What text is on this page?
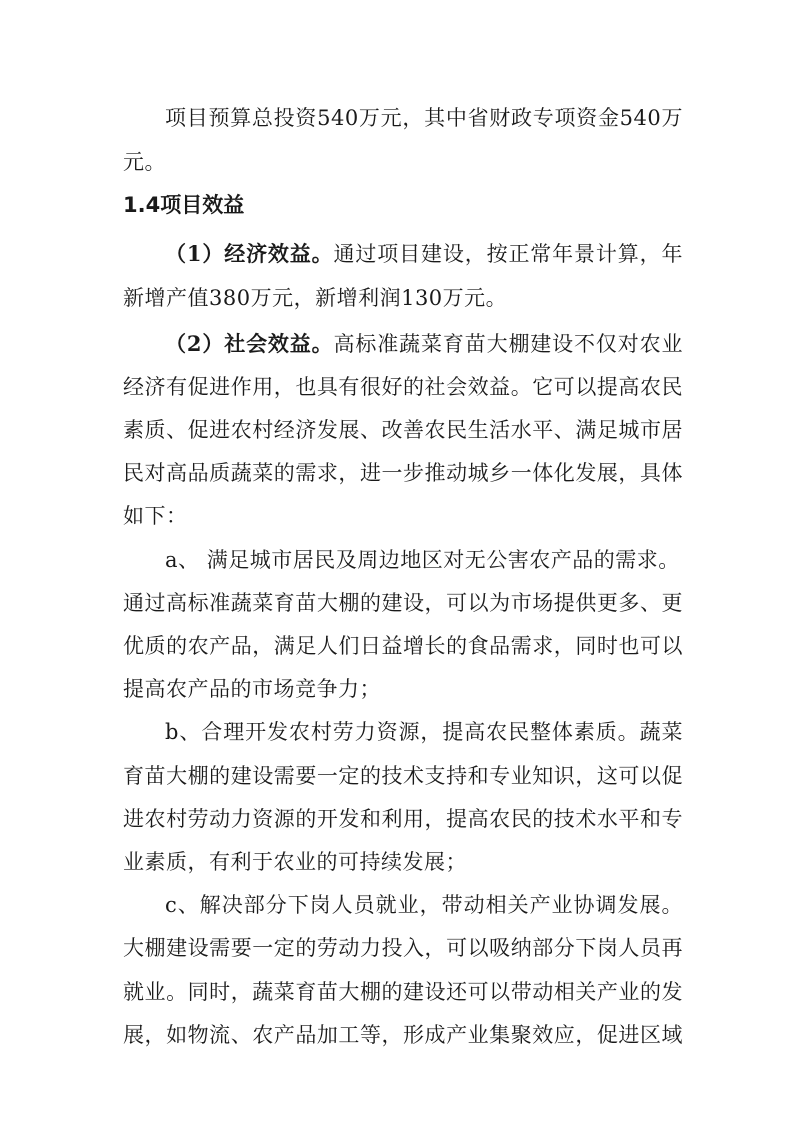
项目预算总投资540万元，其中省财政专项资金540万
元。
1.4项目效益
（1）经济效益。通过项目建设，按正常年景计算，年
新增产值380万元，新增利润130万元。
（2）社会效益。高标准蔬菜育苗大棚建设不仅对农业
经济有促进作用，也具有很好的社会效益。它可以提高农民
素质、促进农村经济发展、改善农民生活水平、满足城市居
民对高品质蔬菜的需求，进一步推动城乡一体化发展，具体
如下：
a、 满足城市居民及周边地区对无公害农产品的需求。
通过高标准蔬菜育苗大棚的建设，可以为市场提供更多、更
优质的农产品，满足人们日益增长的食品需求，同时也可以
提高农产品的市场竞争力；
b、合理开发农村劳力资源，提高农民整体素质。蔬菜
育苗大棚的建设需要一定的技术支持和专业知识，这可以促
进农村劳动力资源的开发和利用，提高农民的技术水平和专
业素质，有利于农业的可持续发展；
c、解决部分下岗人员就业，带动相关产业协调发展。
大棚建设需要一定的劳动力投入，可以吸纳部分下岗人员再
就业。同时，蔬菜育苗大棚的建设还可以带动相关产业的发
展，如物流、农产品加工等，形成产业集聚效应，促进区域
